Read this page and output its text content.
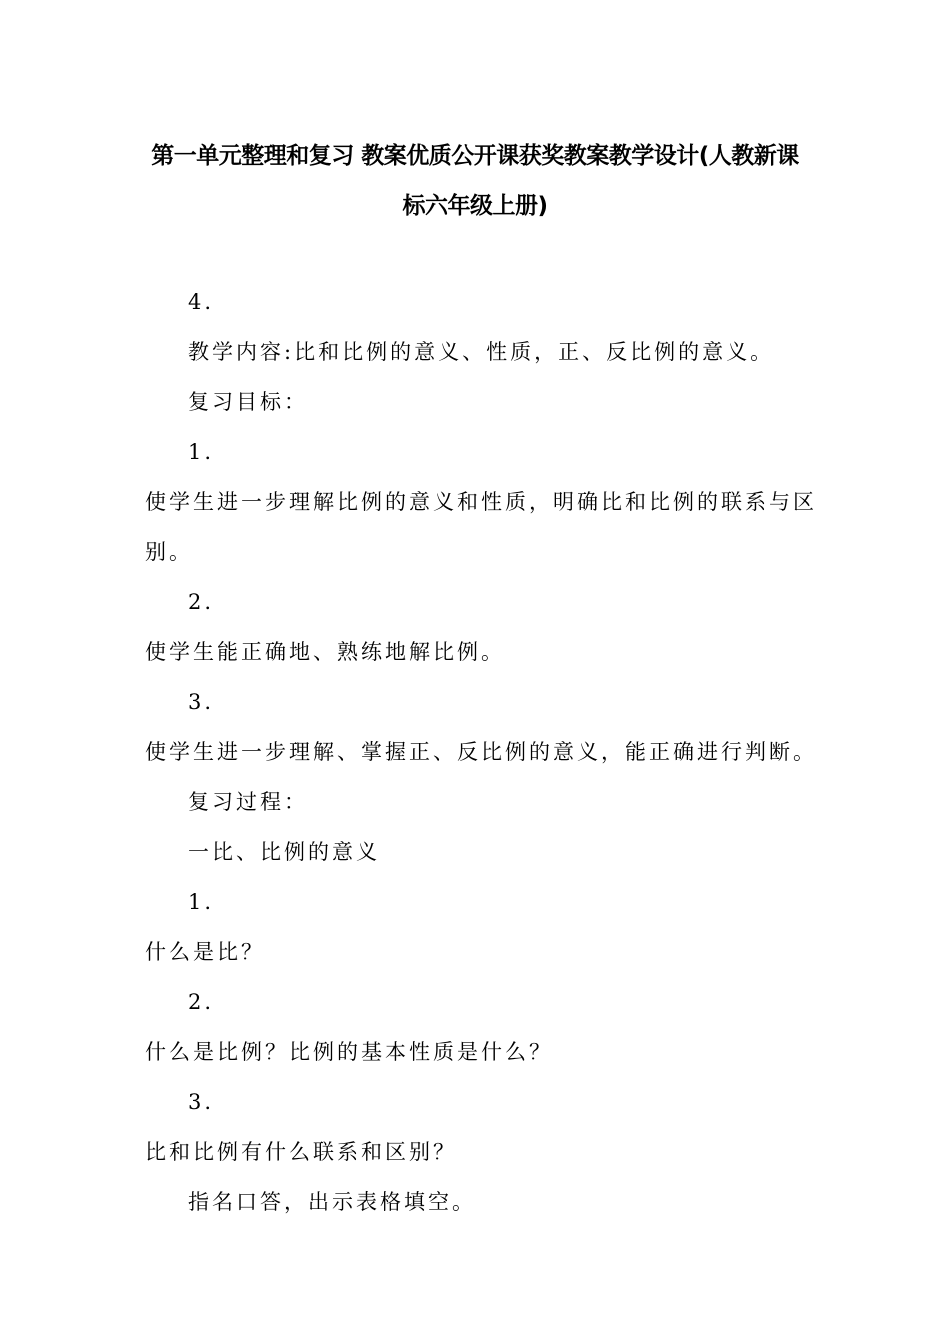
第一单元整理和复习 教案优质公开课获奖教案教学设计(人教新课
标六年级上册)
4.
教学内容:比和比例的意义、性质，正、反比例的意义。
复习目标：
1.
使学生进一步理解比例的意义和性质，明确比和比例的联系与区
别。
2.
使学生能正确地、熟练地解比例。
3.
使学生进一步理解、掌握正、反比例的意义，能正确进行判断。
复习过程：
一比、比例的意义
1.
什么是比？
2.
什么是比例？比例的基本性质是什么？
3.
比和比例有什么联系和区别？
指名口答，出示表格填空。
